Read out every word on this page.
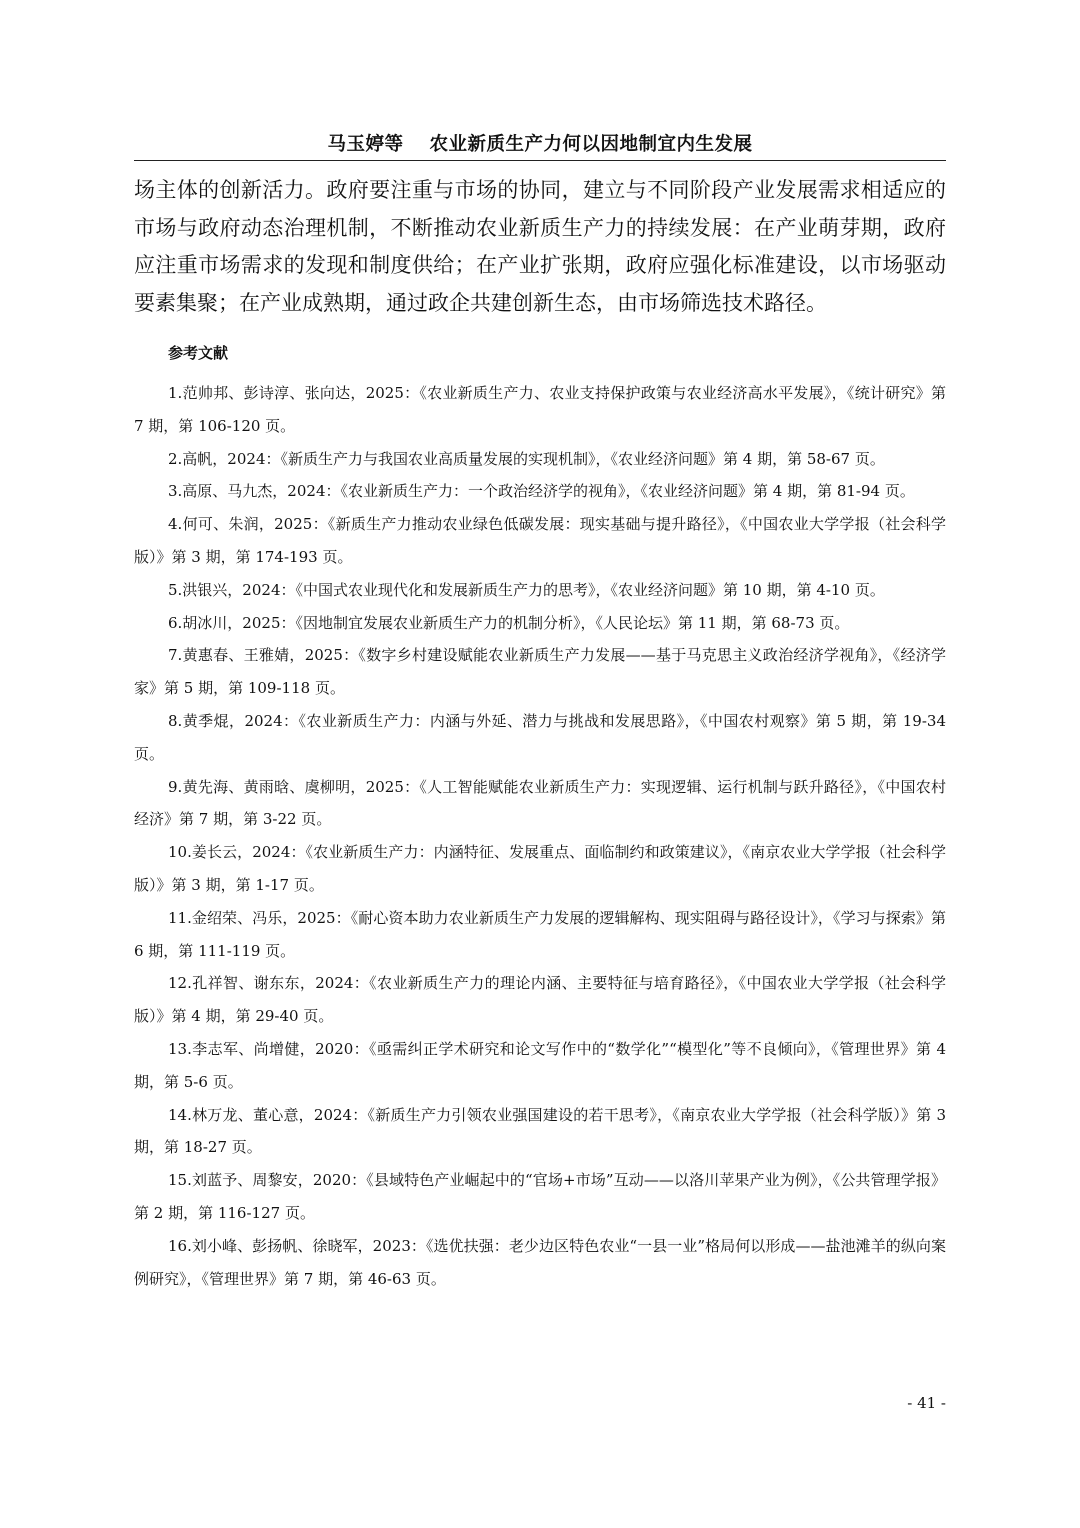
马玉婷等 农业新质生产力何以因地制宜内生发展
场主体的创新活力。政府要注重与市场的协同，建立与不同阶段产业发展需求相适应的市场与政府动态治理机制，不断推动农业新质生产力的持续发展：在产业萌芽期，政府应注重市场需求的发现和制度供给；在产业扩张期，政府应强化标准建设，以市场驱动要素集聚；在产业成熟期，通过政企共建创新生态，由市场筛选技术路径。
参考文献
1.范帅邦、彭诗淳、张向达，2025：《农业新质生产力、农业支持保护政策与农业经济高水平发展》，《统计研究》第 7 期，第 106-120 页。
2.高帆，2024：《新质生产力与我国农业高质量发展的实现机制》，《农业经济问题》第 4 期，第 58-67 页。
3.高原、马九杰，2024：《农业新质生产力：一个政治经济学的视角》，《农业经济问题》第 4 期，第 81-94 页。
4.何可、朱润，2025：《新质生产力推动农业绿色低碳发展：现实基础与提升路径》，《中国农业大学学报（社会科学版）》第 3 期，第 174-193 页。
5.洪银兴，2024：《中国式农业现代化和发展新质生产力的思考》，《农业经济问题》第 10 期，第 4-10 页。
6.胡冰川，2025：《因地制宜发展农业新质生产力的机制分析》，《人民论坛》第 11 期，第 68-73 页。
7.黄惠春、王雅婧，2025：《数字乡村建设赋能农业新质生产力发展——基于马克思主义政治经济学视角》，《经济学家》第 5 期，第 109-118 页。
8.黄季焜，2024：《农业新质生产力：内涵与外延、潜力与挑战和发展思路》，《中国农村观察》第 5 期，第 19-34 页。
9.黄先海、黄雨晗、虞柳明，2025：《人工智能赋能农业新质生产力：实现逻辑、运行机制与跃升路径》，《中国农村经济》第 7 期，第 3-22 页。
10.姜长云，2024：《农业新质生产力：内涵特征、发展重点、面临制约和政策建议》，《南京农业大学学报（社会科学版）》第 3 期，第 1-17 页。
11.金绍荣、冯乐，2025：《耐心资本助力农业新质生产力发展的逻辑解构、现实阻碍与路径设计》，《学习与探索》第 6 期，第 111-119 页。
12.孔祥智、谢东东，2024：《农业新质生产力的理论内涵、主要特征与培育路径》，《中国农业大学学报（社会科学版）》第 4 期，第 29-40 页。
13.李志军、尚增健，2020：《亟需纠正学术研究和论文写作中的“数学化”“模型化”等不良倾向》，《管理世界》第 4 期，第 5-6 页。
14.林万龙、董心意，2024：《新质生产力引领农业强国建设的若干思考》，《南京农业大学学报（社会科学版）》第 3 期，第 18-27 页。
15.刘蓝予、周黎安，2020：《县域特色产业崛起中的“官场+市场”互动——以洛川苹果产业为例》，《公共管理学报》第 2 期，第 116-127 页。
16.刘小峰、彭扬帆、徐晓军，2023：《选优扶强：老少边区特色农业“一县一业”格局何以形成——盐池滩羊的纵向案例研究》，《管理世界》第 7 期，第 46-63 页。
- 41 -
